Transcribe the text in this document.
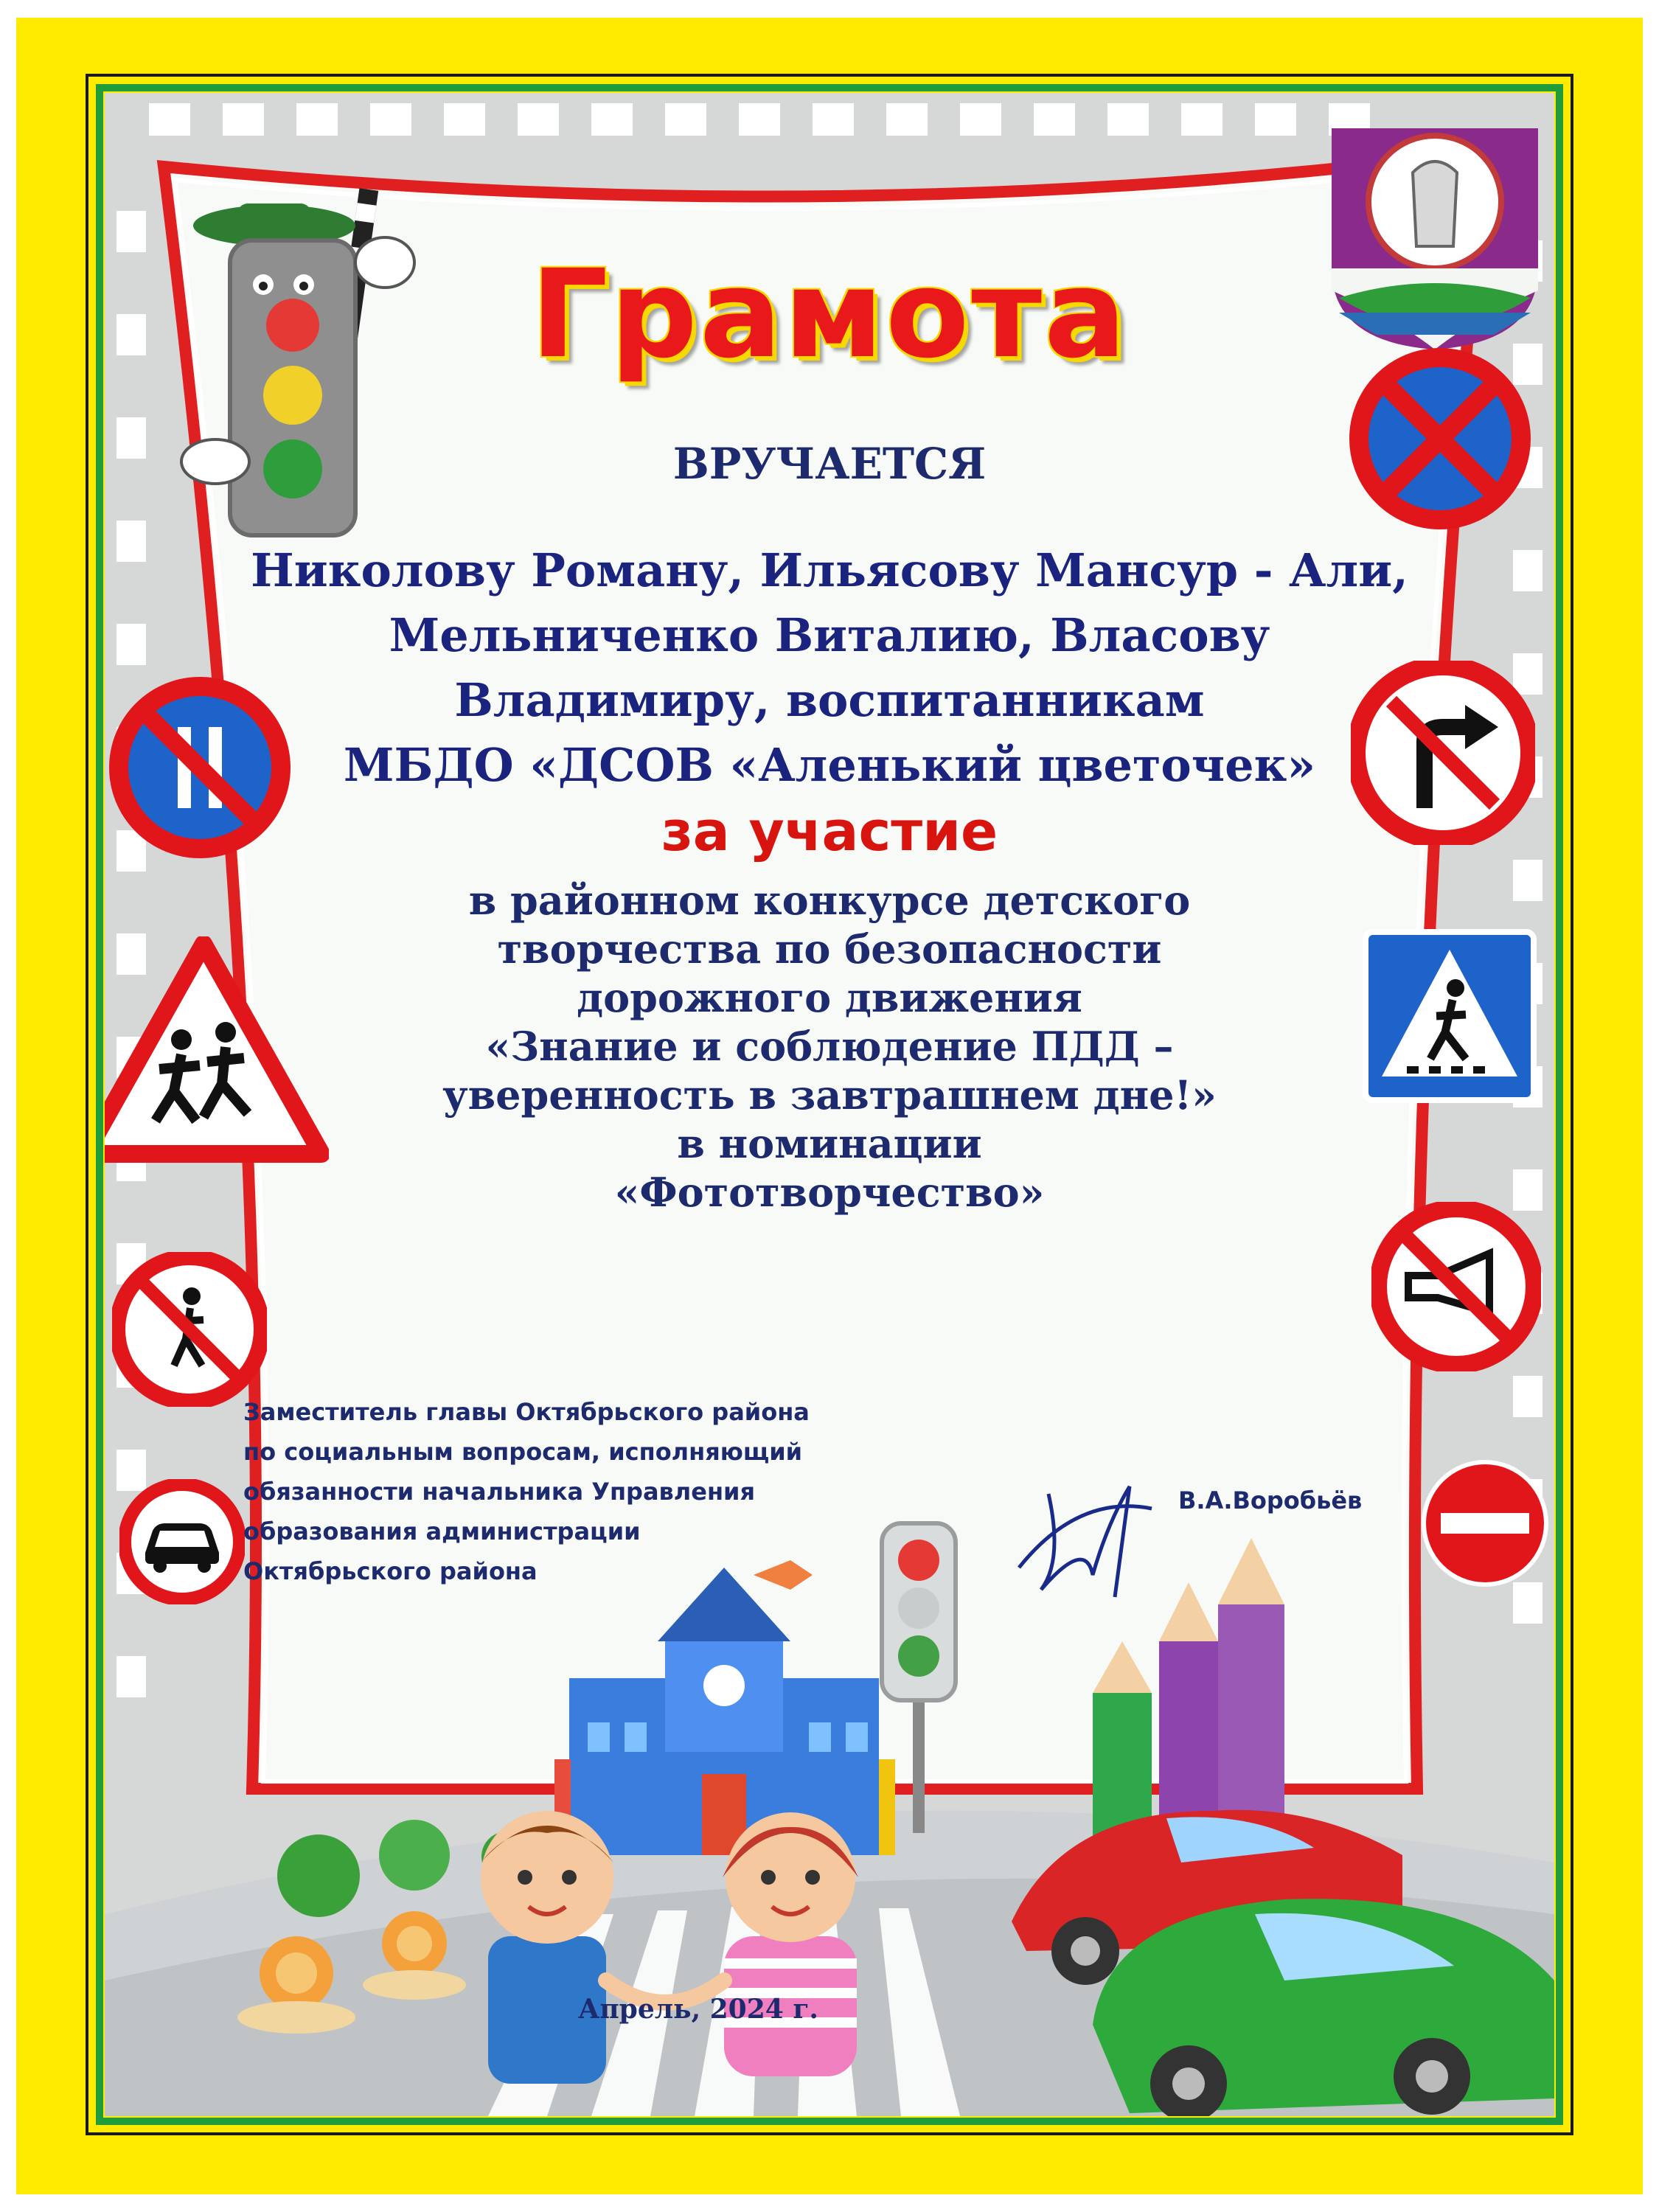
Грамота
ВРУЧАЕТСЯ
Николову Роману, Ильясову Мансур - Али,
Мельниченко Виталию, Власову
Владимиру, воспитанникам
МБДО «ДСОВ «Аленький цветочек»
за участие
в районном конкурсе детского
творчества по безопасности
дорожного движения
«Знание и соблюдение ПДД –
уверенность в завтрашнем дне!»
в номинации
«Фототворчество»
Заместитель главы Октябрьского района
по социальным вопросам, исполняющий
обязанности начальника Управления
образования администрации
Октябрьского района
В.А.Воробьёв
Апрель, 2024 г.
